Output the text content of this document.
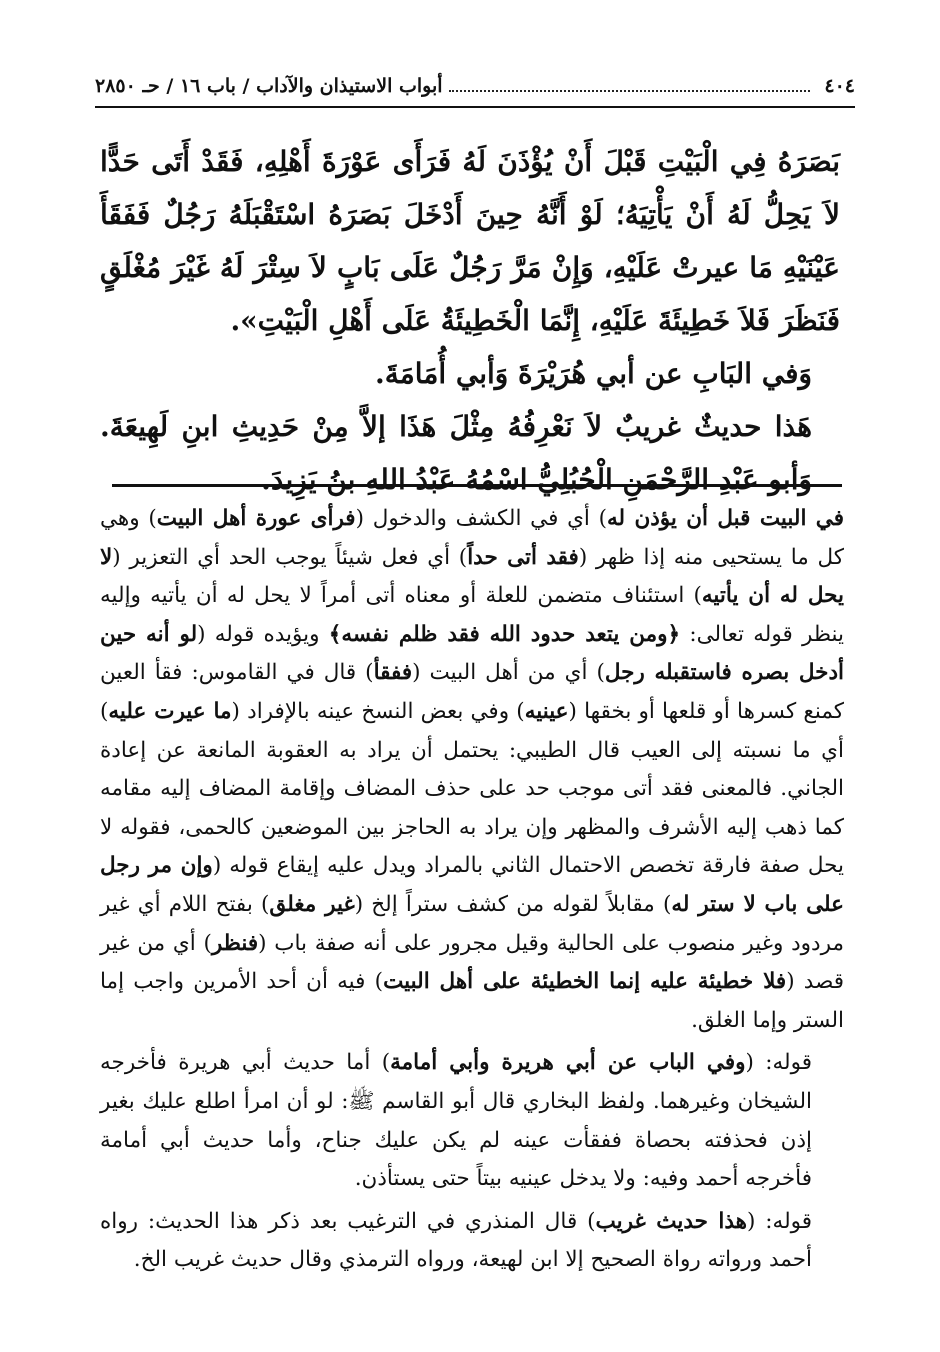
٤٠٤
أبواب الاستيذان والآداب / باب ١٦ / حـ ٢٨٥٠

بَصَرَهُ فِي الْبَيْتِ قَبْلَ أَنْ يُؤْذَنَ لَهُ فَرَأَى عَوْرَةَ أَهْلِهِ، فَقَدْ أَتَى حَدًّا لاَ يَحِلُّ لَهُ أَنْ يَأْتِيَهُ؛ لَوْ أَنَّهُ حِينَ أَدْخَلَ بَصَرَهُ اسْتَقْبَلَهُ رَجُلٌ فَفَقَأَ عَيْنَيْهِ مَا عيرتْ عَلَيْهِ، وَإِنْ مَرَّ رَجُلٌ عَلَى بَابٍ لاَ سِتْرَ لَهُ غَيْرَ مُغْلَقٍ فَنَظَرَ فَلاَ خَطِيئَةَ عَلَيْهِ، إِنَّمَا الْخَطِيئَةُ عَلَى أَهْلِ الْبَيْتِ».

وَفي البَابِ عن أبي هُرَيْرَةَ وَأبي أُمَامَةَ.

هَذا حديثٌ غريبٌ لاَ نَعْرِفُهُ مِثْلَ هَذَا إلاَّ مِنْ حَدِيثِ ابنِ لَهِيعَةَ. وَأبو عَبْدِ الرَّحْمَنِ الْحُبُلِيُّ اسْمُهُ عَبْدُ اللهِ بنُ يَزِيدَ.

في البيت قبل أن يؤذن له) أي في الكشف والدخول (فرأى عورة أهل البيت) وهي كل ما يستحيى منه إذا ظهر (فقد أتى حداً) أي فعل شيئاً يوجب الحد أي التعزير (لا يحل له أن يأتيه) استئناف متضمن للعلة أو معناه أتى أمراً لا يحل له أن يأتيه وإليه ينظر قوله تعالى: ﴿ومن يتعد حدود الله فقد ظلم نفسه﴾ ويؤيده قوله (لو أنه حين أدخل بصره فاستقبله رجل) أي من أهل البيت (ففقأ) قال في القاموس: فقأ العين كمنع كسرها أو قلعها أو بخقها (عينيه) وفي بعض النسخ عينه بالإفراد (ما عيرت عليه) أي ما نسبته إلى العيب قال الطيبي: يحتمل أن يراد به العقوبة المانعة عن إعادة الجاني. فالمعنى فقد أتى موجب حد على حذف المضاف وإقامة المضاف إليه مقامه كما ذهب إليه الأشرف والمظهر وإن يراد به الحاجز بين الموضعين كالحمى، فقوله لا يحل صفة فارقة تخصص الاحتمال الثاني بالمراد ويدل عليه إيقاع قوله (وإن مر رجل على باب لا ستر له) مقابلاً لقوله من كشف ستراً إلخ (غير مغلق) بفتح اللام أي غير مردود وغير منصوب على الحالية وقيل مجرور على أنه صفة باب (فنظر) أي من غير قصد (فلا خطيئة عليه إنما الخطيئة على أهل البيت) فيه أن أحد الأمرين واجب إما الستر وإما الغلق.

قوله: (وفي الباب عن أبي هريرة وأبي أمامة) أما حديث أبي هريرة فأخرجه الشيخان وغيرهما. ولفظ البخاري قال أبو القاسم ﷺ: لو أن امرأ اطلع عليك بغير إذن فحذفته بحصاة ففقأت عينه لم يكن عليك جناح، وأما حديث أبي أمامة فأخرجه أحمد وفيه: ولا يدخل عينيه بيتاً حتى يستأذن.

قوله: (هذا حديث غريب) قال المنذري في الترغيب بعد ذكر هذا الحديث: رواه أحمد ورواته رواة الصحيح إلا ابن لهيعة، ورواه الترمذي وقال حديث غريب الخ.
